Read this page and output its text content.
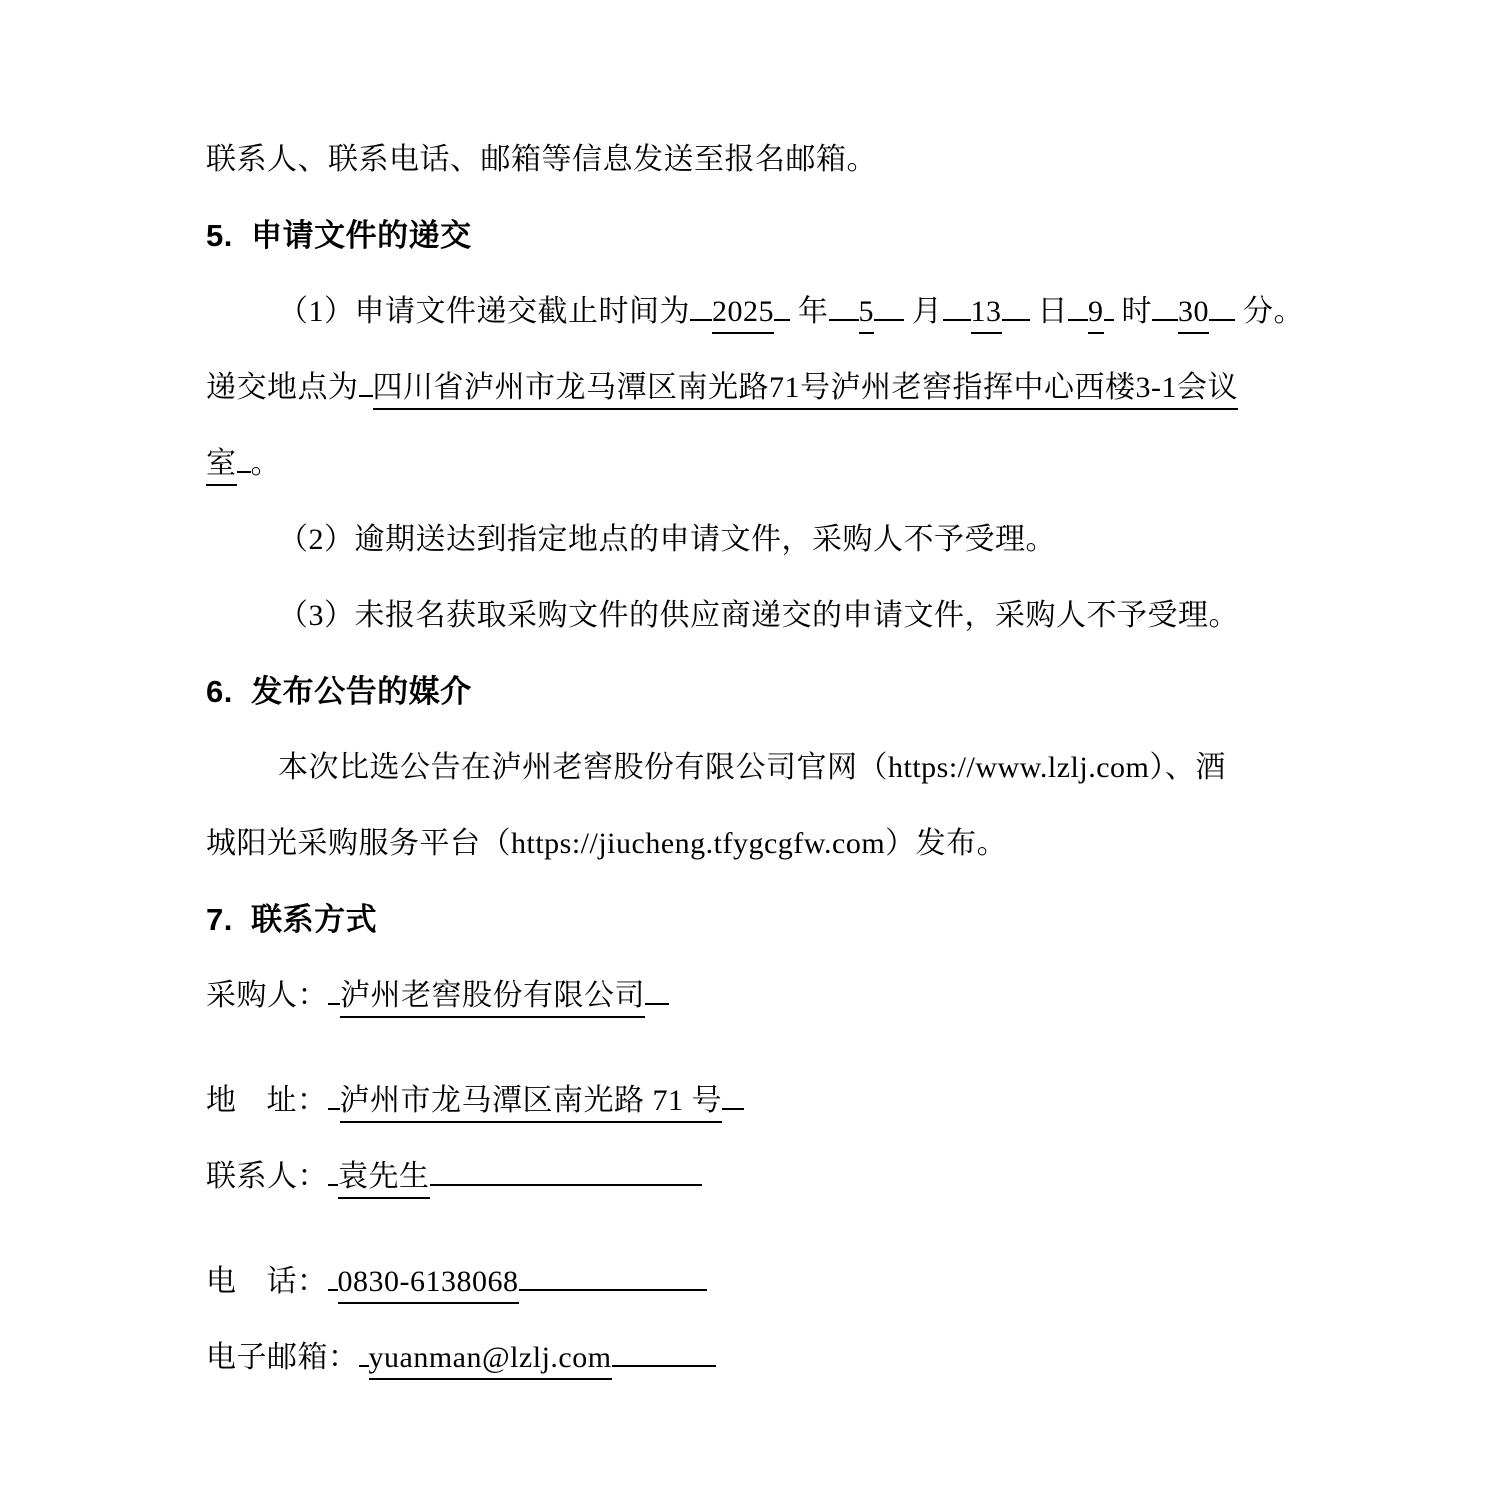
联系人、联系电话、邮箱等信息发送至报名邮箱。
5.  申请文件的递交
（1）申请文件递交截止时间为 2025  年 5  月 13  日 9  时 30  分。
递交地点为 四川省泸州市龙马潭区南光路71号泸州老窖指挥中心西楼3-1会议
室 。
（2）逾期送达到指定地点的申请文件，采购人不予受理。
（3）未报名获取采购文件的供应商递交的申请文件，采购人不予受理。
6.  发布公告的媒介
本次比选公告在泸州老窖股份有限公司官网（https://www.lzlj.com）、酒
城阳光采购服务平台（https://jiucheng.tfygcgfw.com）发布。
7.  联系方式
采购人： 泸州老窖股份有限公司
地 址： 泸州市龙马潭区南光路 71 号
联系人： 袁先生
电 话： 0830-6138068
电子邮箱： yuanman@lzlj.com
